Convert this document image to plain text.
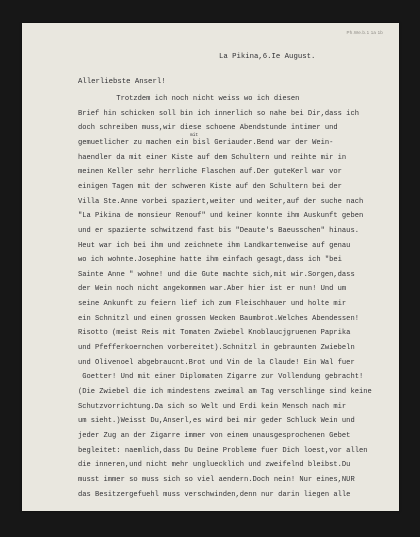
Ph.We.b.1 1a 1b
La Pikina,6.Ie August.
Allerliebste Anserl!
mit
Trotzdem ich noch nicht weiss wo ich diesen
Brief hin schicken soll bin ich innerlich so nahe bei Dir,dass ich
doch schreiben muss,wir diese schoene Abendstunde intimer und
gemuetlicher zu machen ein bisl Geriauder.Bend war der Wein-
haendler da mit einer Kiste auf dem Schultern und reihte mir in
meinen Keller sehr herrliche Flaschen auf.Der guteKerl war vor
einigen Tagen mit der schweren Kiste auf den Schultern bei der
Villa Ste.Anne vorbei spaziert,weiter und weiter,auf der suche nach
"La Pikina de monsieur Renouf" und keiner konnte ihm Auskunft geben
und er spazierte schwitzend fast bis "Deaute's Baeusschen" hinaus.
Heut war ich bei ihm und zeichnete ihm Landkartenweise auf genau
wo ich wohnte.Josephine hatte ihm einfach gesagt,dass ich "bei
Sainte Anne " wohne! und die Gute machte sich,mit wir.Sorgen,dass
der Wein noch nicht angekommen war.Aber hier ist er nun! Und um
seine Ankunft zu feiern lief ich zum Fleischhauer und holte mir
ein Schnitzl und einen grossen Wecken Baumbrot.Welches Abendessen!
Risotto (meist Reis mit Tomaten Zwiebel Knoblaucjgruenen Paprika
und Pfefferkoernchen vorbereitet).Schnitzl in gebraunten Zwiebeln
und Olivenoel abgebraucnt.Brot und Vin de la Claude! Ein Wal fuer
Goetter! Und mit einer Diplomaten Zigarre zur Vollendung gebracht!
(Die Zwiebel die ich mindestens zweimal am Tag verschlinge sind keine
Schutzvorrichtung.Da sich so Welt und Erdi kein Mensch nach mir
um sieht.)Weisst Du,Anserl,es wird bei mir geder Schluck Wein und
jeder Zug an der Zigarre immer von einem unausgesprochenen Gebet
begleitet: naemlich,dass Du Deine Probleme fuer Dich loest,vor allen
die inneren,und nicht mehr ungluecklich und zweifelnd bleibst.Du
musst immer so muss sich so viel aendern.Doch nein! Nur eines,NUR
das Besitzergefuehl muss verschwinden,denn nur darin liegen alle
